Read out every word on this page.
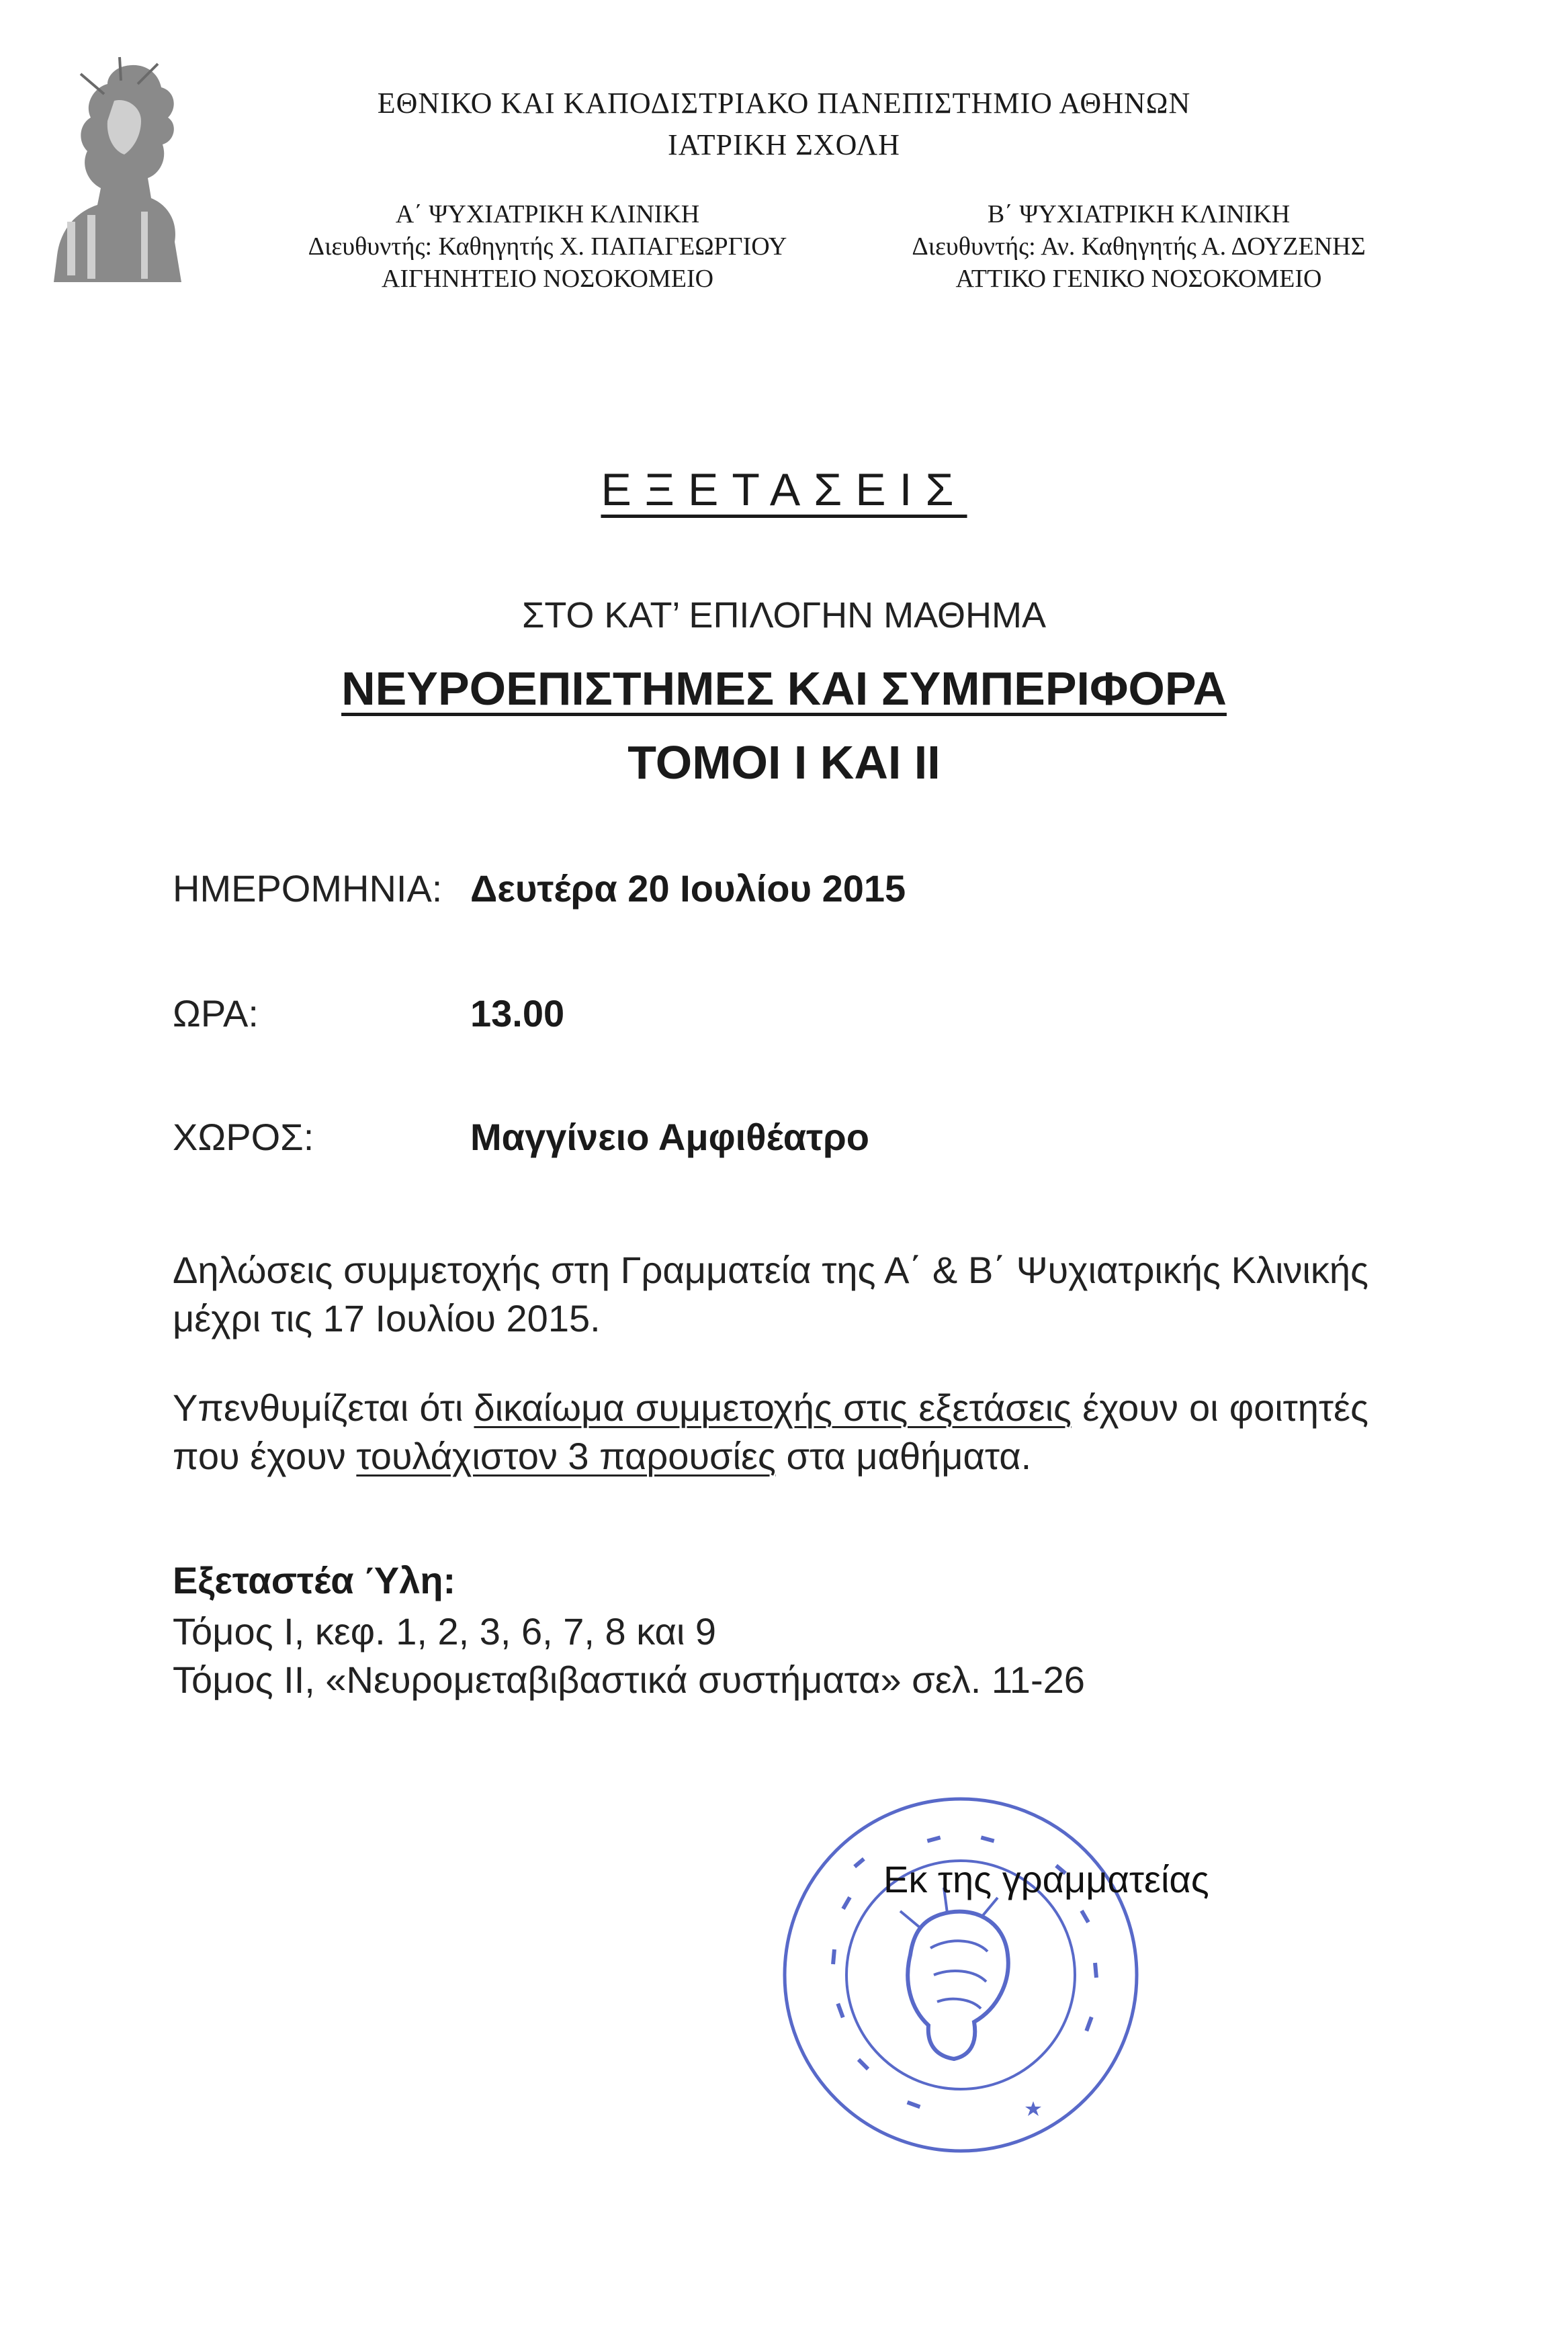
ΕΘΝΙΚΟ ΚΑΙ ΚΑΠΟΔΙΣΤΡΙΑΚΟ ΠΑΝΕΠΙΣΤΗΜΙΟ ΑΘΗΝΩΝ
ΙΑΤΡΙΚΗ ΣΧΟΛΗ
Α΄ ΨΥΧΙΑΤΡΙΚΗ ΚΛΙΝΙΚΗ
Διευθυντής: Καθηγητής Χ. ΠΑΠΑΓΕΩΡΓΙΟΥ
ΑΙΓΗΝΗΤΕΙΟ ΝΟΣΟΚΟΜΕΙΟ
Β΄ ΨΥΧΙΑΤΡΙΚΗ ΚΛΙΝΙΚΗ
Διευθυντής: Αν. Καθηγητής Α. ΔΟΥΖΕΝΗΣ
ΑΤΤΙΚΟ ΓΕΝΙΚΟ ΝΟΣΟΚΟΜΕΙΟ
ΕΞΕΤΑΣΕΙΣ
ΣΤΟ ΚΑΤ’ ΕΠΙΛΟΓΗΝ ΜΑΘΗΜΑ
ΝΕΥΡΟΕΠΙΣΤΗΜΕΣ ΚΑΙ ΣΥΜΠΕΡΙΦΟΡΑ
ΤΟΜΟΙ Ι ΚΑΙ ΙΙ
ΗΜΕΡΟΜΗΝΙΑ: Δευτέρα 20 Ιουλίου 2015
ΩΡΑ:	13.00
ΧΩΡΟΣ:	Μαγγίνειο Αμφιθέατρο
Δηλώσεις συμμετοχής στη Γραμματεία της Α΄ & Β΄ Ψυχιατρικής Κλινικής μέχρι τις 17 Ιουλίου 2015.
Υπενθυμίζεται ότι δικαίωμα συμμετοχής στις εξετάσεις έχουν οι φοιτητές που έχουν τουλάχιστον 3 παρουσίες στα μαθήματα.
Εξεταστέα Ύλη:
Τόμος Ι, κεφ. 1, 2, 3, 6, 7, 8 και 9
Τόμος ΙΙ, «Νευρομεταβιβαστικά συστήματα» σελ. 11-26
Εκ της γραμματείας
